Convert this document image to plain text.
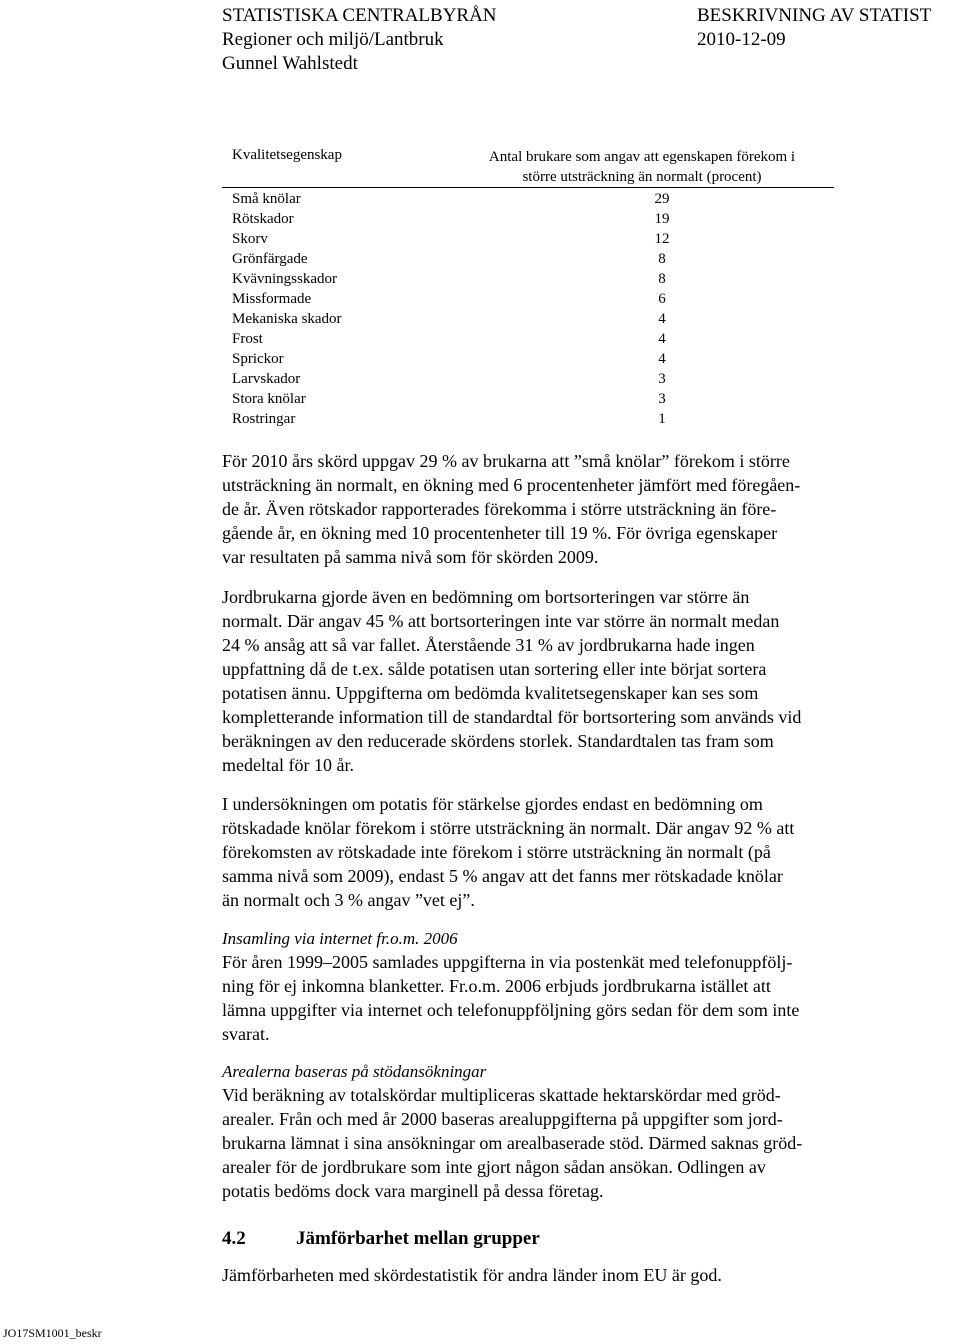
STATISTISKA CENTRALBYRÅN
Regioner och miljö/Lantbruk
Gunnel Wahlstedt
BESKRIVNING AV STATIST
2010-12-09
Kvalitetsegenskap	Antal brukare som angav att egenskapen förekom i
större utsträckning än normalt (procent)
Små knölar	29
Rötskador	19
Skorv	12
Grönfärgade	8
Kvävningsskador	8
Missformade	6
Mekaniska skador	4
Frost	4
Sprickor	4
Larvskador	3
Stora knölar	3
Rostringar	1
För 2010 års skörd uppgav 29 % av brukarna att ”små knölar” förekom i större
utsträckning än normalt, en ökning med 6 procentenheter jämfört med föregåen-
de år. Även rötskador rapporterades förekomma i större utsträckning än före-
gående år, en ökning med 10 procentenheter till 19 %. För övriga egenskaper
var resultaten på samma nivå som för skörden 2009.
Jordbrukarna gjorde även en bedömning om bortsorteringen var större än
normalt. Där angav 45 % att bortsorteringen inte var större än normalt medan
24 % ansåg att så var fallet. Återstående 31 % av jordbrukarna hade ingen
uppfattning då de t.ex. sålde potatisen utan sortering eller inte börjat sortera
potatisen ännu. Uppgifterna om bedömda kvalitetsegenskaper kan ses som
kompletterande information till de standardtal för bortsortering som används vid
beräkningen av den reducerade skördens storlek. Standardtalen tas fram som
medeltal för 10 år.
I undersökningen om potatis för stärkelse gjordes endast en bedömning om
rötskadade knölar förekom i större utsträckning än normalt. Där angav 92 % att
förekomsten av rötskadade inte förekom i större utsträckning än normalt (på
samma nivå som 2009), endast 5 % angav att det fanns mer rötskadade knölar
än normalt och 3 % angav ”vet ej”.
Insamling via internet fr.o.m. 2006
För åren 1999–2005 samlades uppgifterna in via postenkät med telefonuppfölj-
ning för ej inkomna blanketter. Fr.o.m. 2006 erbjuds jordbrukarna istället att
lämna uppgifter via internet och telefonuppföljning görs sedan för dem som inte
svarat.
Arealerna baseras på stödansökningar
Vid beräkning av totalskördar multipliceras skattade hektarskördar med gröd-
arealer. Från och med år 2000 baseras arealuppgifterna på uppgifter som jord-
brukarna lämnat i sina ansökningar om arealbaserade stöd. Därmed saknas gröd-
arealer för de jordbrukare som inte gjort någon sådan ansökan. Odlingen av
potatis bedöms dock vara marginell på dessa företag.
4.2	Jämförbarhet mellan grupper
Jämförbarheten med skördestatistik för andra länder inom EU är god.
JO17SM1001_beskr
